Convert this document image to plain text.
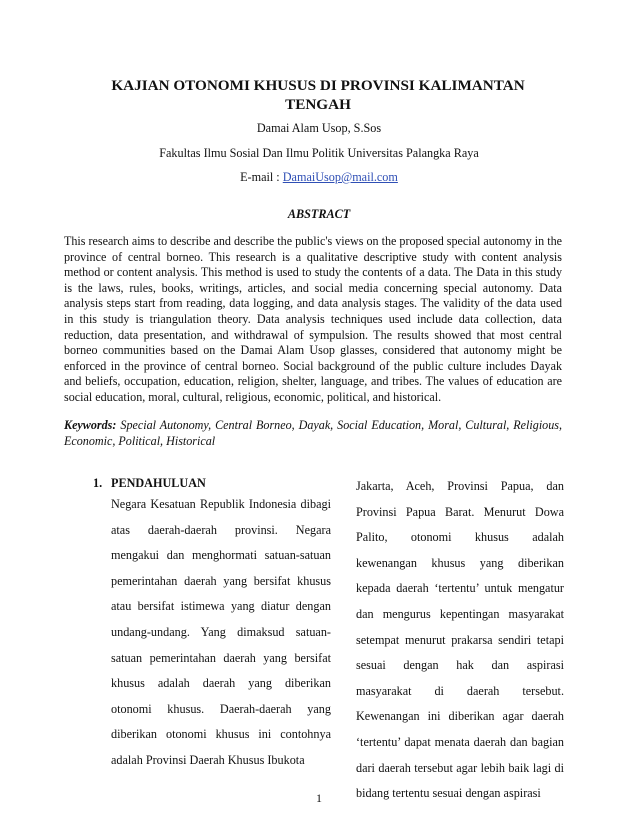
KAJIAN OTONOMI KHUSUS DI PROVINSI KALIMANTAN TENGAH
Damai Alam Usop, S.Sos
Fakultas Ilmu Sosial Dan Ilmu Politik Universitas Palangka Raya
E-mail : DamaiUsop@mail.com
ABSTRACT

This research aims to describe and describe the public's views on the proposed special autonomy in the province of central borneo. This research is a qualitative descriptive study with content analysis method or content analysis. This method is used to study the contents of a data. The Data in this study is the laws, rules, books, writings, articles, and social media concerning special autonomy. Data analysis steps start from reading, data logging, and data analysis stages. The validity of the data used in this study is triangulation theory. Data analysis techniques used include data collection, data reduction, data presentation, and withdrawal of sympulsion. The results showed that most central borneo communities based on the Damai Alam Usop glasses, considered that autonomy might be enforced in the province of central borneo. Social background of the public culture includes Dayak and beliefs, occupation, education, religion, shelter, language, and tribes. The values of education are social education, moral, cultural, religious, economic, political, and historical.

Keywords: Special Autonomy, Central Borneo, Dayak, Social Education, Moral, Cultural, Religious, Economic, Political, Historical

1. PENDAHULUAN

Negara Kesatuan Republik Indonesia dibagi atas daerah-daerah provinsi. Negara mengakui dan menghormati satuan-satuan pemerintahan daerah yang bersifat khusus atau bersifat istimewa yang diatur dengan undang-undang. Yang dimaksud satuan-satuan pemerintahan daerah yang bersifat khusus adalah daerah yang diberikan otonomi khusus. Daerah-daerah yang diberikan otonomi khusus ini contohnya adalah Provinsi Daerah Khusus Ibukota

Jakarta, Aceh, Provinsi Papua, dan Provinsi Papua Barat. Menurut Dowa Palito, otonomi khusus adalah kewenangan khusus yang diberikan kepada daerah ‘tertentu’ untuk mengatur dan mengurus kepentingan masyarakat setempat menurut prakarsa sendiri tetapi sesuai dengan hak dan aspirasi masyarakat di daerah tersebut. Kewenangan ini diberikan agar daerah ‘tertentu’ dapat menata daerah dan bagian dari daerah tersebut agar lebih baik lagi di bidang tertentu sesuai dengan aspirasi

1
